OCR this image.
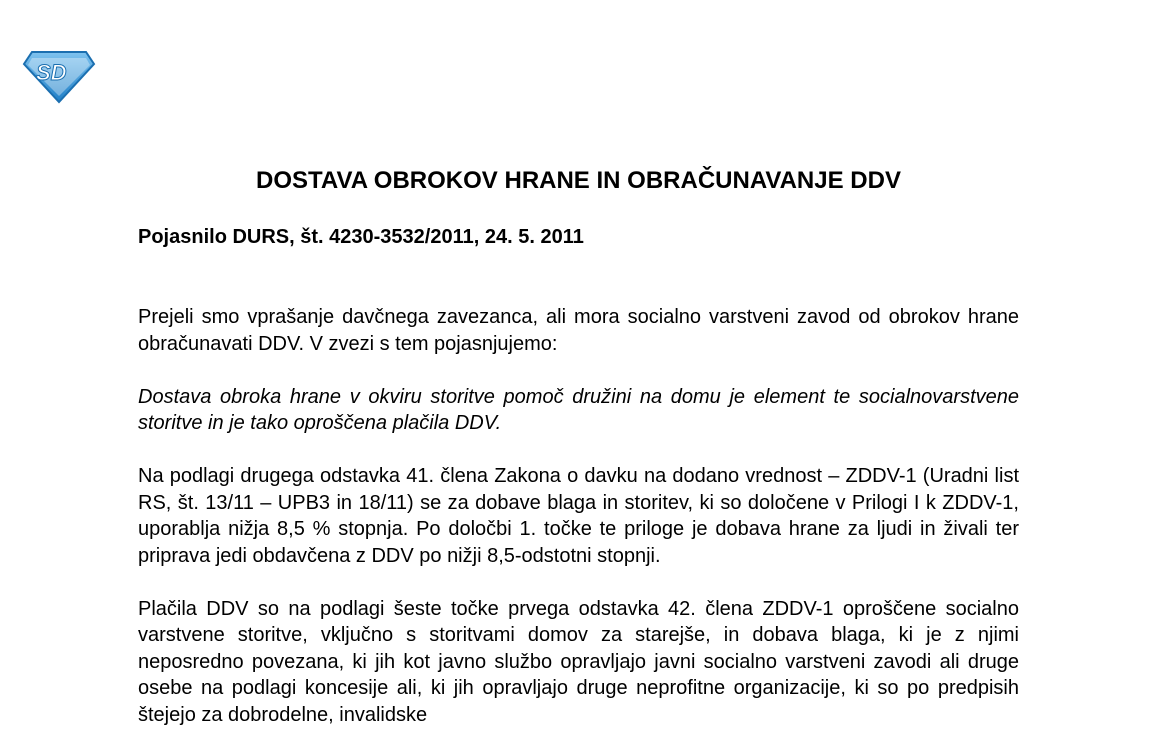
SD
DOSTAVA OBROKOV HRANE IN OBRAČUNAVANJE DDV
Pojasnilo DURS, št. 4230-3532/2011, 24. 5. 2011

Prejeli smo vprašanje davčnega zavezanca, ali mora socialno varstveni zavod od obrokov hrane obračunavati DDV. V zvezi s tem pojasnjujemo:

Dostava obroka hrane v okviru storitve pomoč družini na domu je element te socialnovarstvene storitve in je tako oproščena plačila DDV.

Na podlagi drugega odstavka 41. člena Zakona o davku na dodano vrednost – ZDDV-1 (Uradni list RS, št. 13/11 – UPB3 in 18/11) se za dobave blaga in storitev, ki so določene v Prilogi I k ZDDV-1, uporablja nižja 8,5 % stopnja. Po določbi 1. točke te priloge je dobava hrane za ljudi in živali ter priprava jedi obdavčena z DDV po nižji 8,5-odstotni stopnji.

Plačila DDV so na podlagi šeste točke prvega odstavka 42. člena ZDDV-1 oproščene socialno varstvene storitve, vključno s storitvami domov za starejše, in dobava blaga, ki je z njimi neposredno povezana, ki jih kot javno službo opravljajo javni socialno varstveni zavodi ali druge osebe na podlagi koncesije ali, ki jih opravljajo druge neprofitne organizacije, ki so po predpisih štejejo za dobrodelne, invalidske
